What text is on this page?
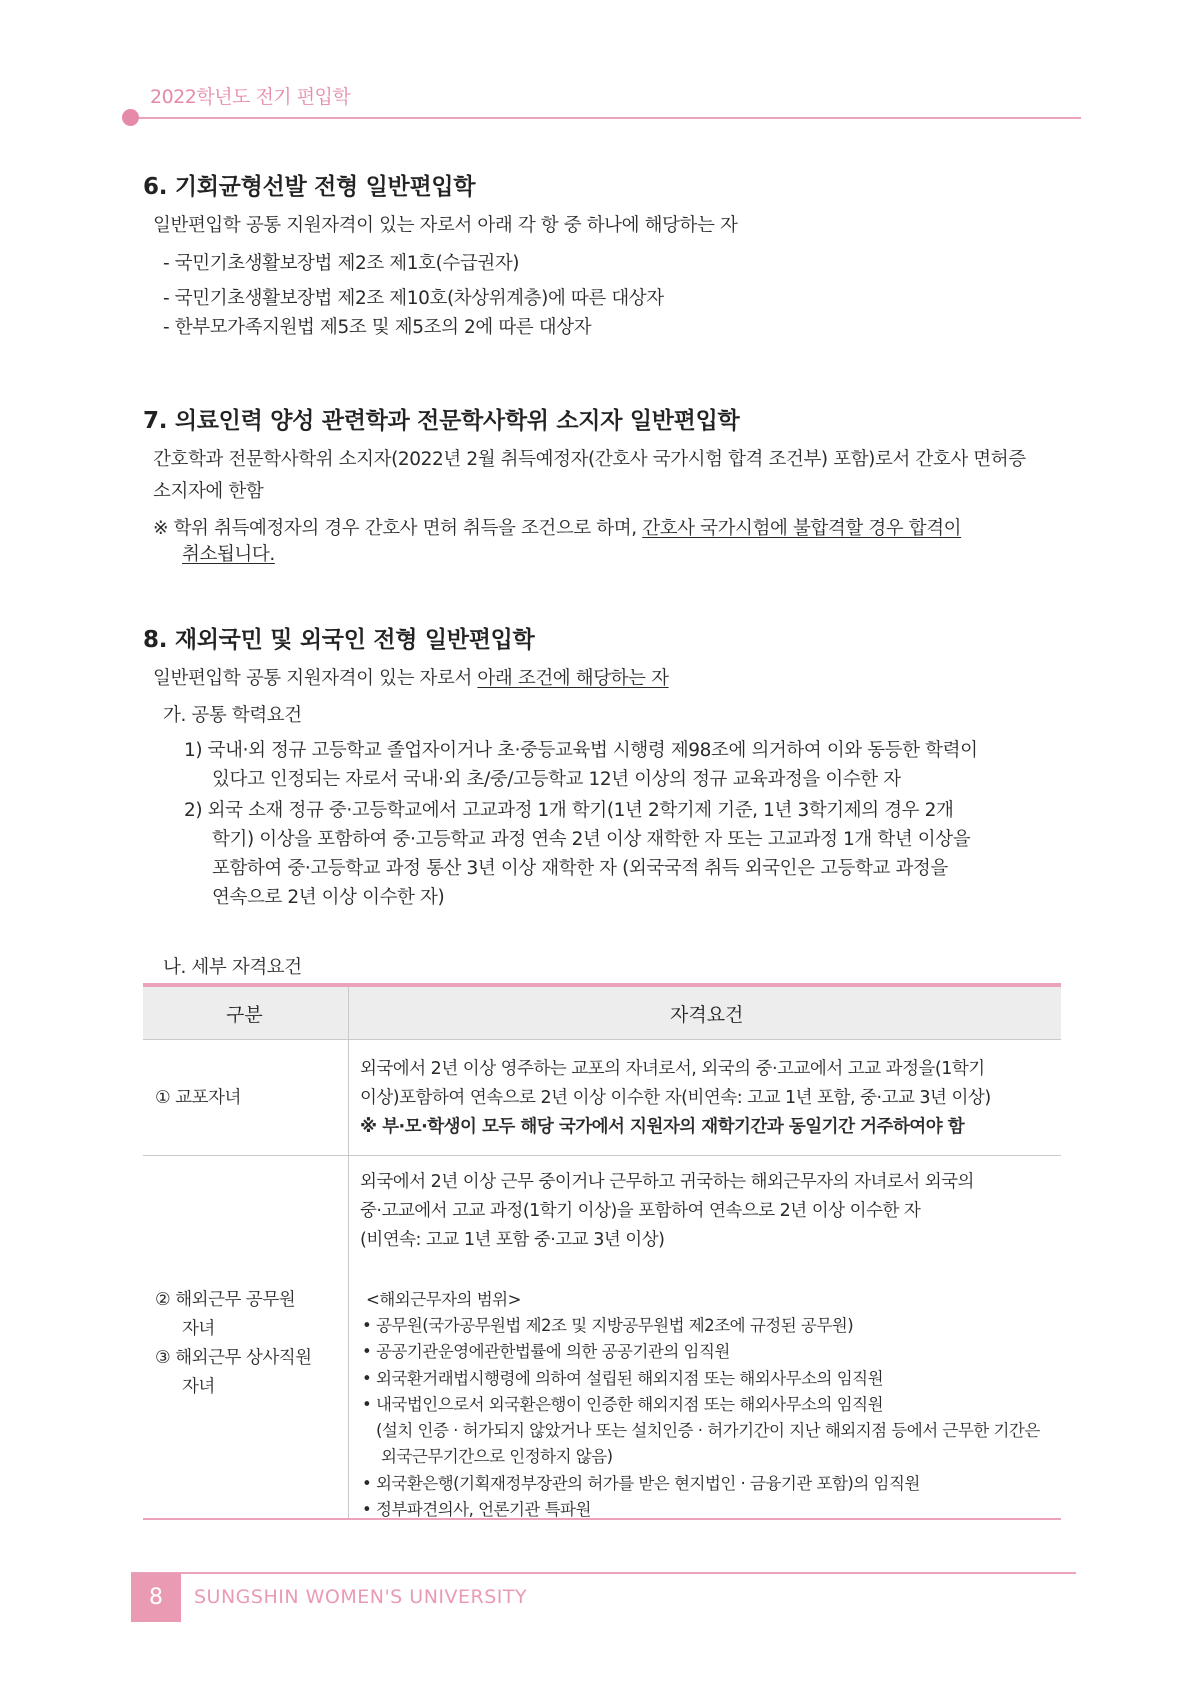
2022학년도 전기 편입학
6. 기회균형선발 전형 일반편입학
일반편입학 공통 지원자격이 있는 자로서 아래 각 항 중 하나에 해당하는 자
- 국민기초생활보장법 제2조 제1호(수급권자)
- 국민기초생활보장법 제2조 제10호(차상위계층)에 따른 대상자
- 한부모가족지원법 제5조 및 제5조의 2에 따른 대상자
7. 의료인력 양성 관련학과 전문학사학위 소지자 일반편입학
간호학과 전문학사학위 소지자(2022년 2월 취득예정자(간호사 국가시험 합격 조건부) 포함)로서 간호사 면허증
소지자에 한함
※ 학위 취득예정자의 경우 간호사 면허 취득을 조건으로 하며, 간호사 국가시험에 불합격할 경우 합격이
취소됩니다.
8. 재외국민 및 외국인 전형 일반편입학
일반편입학 공통 지원자격이 있는 자로서 아래 조건에 해당하는 자
가. 공통 학력요건
1) 국내·외 정규 고등학교 졸업자이거나 초·중등교육법 시행령 제98조에 의거하여 이와 동등한 학력이
있다고 인정되는 자로서 국내·외 초/중/고등학교 12년 이상의 정규 교육과정을 이수한 자
2) 외국 소재 정규 중·고등학교에서 고교과정 1개 학기(1년 2학기제 기준, 1년 3학기제의 경우 2개
학기) 이상을 포함하여 중·고등학교 과정 연속 2년 이상 재학한 자 또는 고교과정 1개 학년 이상을
포함하여 중·고등학교 과정 통산 3년 이상 재학한 자 (외국국적 취득 외국인은 고등학교 과정을
연속으로 2년 이상 이수한 자)
나. 세부 자격요건
구분	자격요건
① 교포자녀
외국에서 2년 이상 영주하는 교포의 자녀로서, 외국의 중·고교에서 고교 과정을(1학기
이상)포함하여 연속으로 2년 이상 이수한 자(비연속: 고교 1년 포함, 중·고교 3년 이상)
※ 부·모·학생이 모두 해당 국가에서 지원자의 재학기간과 동일기간 거주하여야 함
② 해외근무 공무원
자녀
③ 해외근무 상사직원
자녀
외국에서 2년 이상 근무 중이거나 근무하고 귀국하는 해외근무자의 자녀로서 외국의
중·고교에서 고교 과정(1학기 이상)을 포함하여 연속으로 2년 이상 이수한 자
(비연속: 고교 1년 포함 중·고교 3년 이상)
<해외근무자의 범위>
• 공무원(국가공무원법 제2조 및 지방공무원법 제2조에 규정된 공무원)
• 공공기관운영에관한법률에 의한 공공기관의 임직원
• 외국환거래법시행령에 의하여 설립된 해외지점 또는 해외사무소의 임직원
• 내국법인으로서 외국환은행이 인증한 해외지점 또는 해외사무소의 임직원
(설치 인증 · 허가되지 않았거나 또는 설치인증 · 허가기간이 지난 해외지점 등에서 근무한 기간은
외국근무기간으로 인정하지 않음)
• 외국환은행(기획재정부장관의 허가를 받은 현지법인 · 금융기관 포함)의 임직원
• 정부파견의사, 언론기관 특파원
8	SUNGSHIN WOMEN'S UNIVERSITY
